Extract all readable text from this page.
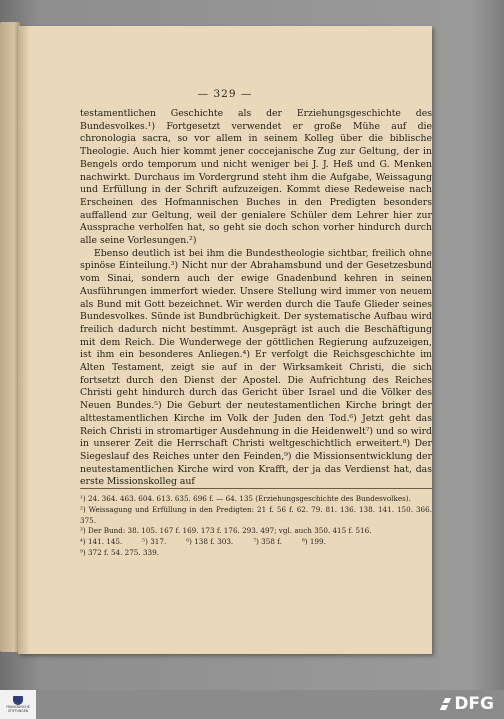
— 329 —

testamentlichen Geschichte als der Erziehungsgeschichte des Bundesvolkes.¹) Fortgesetzt verwendet er große Mühe auf die chronologia sacra, so vor allem in seinem Kolleg über die biblische Theologie. Auch hier kommt jener coccejanische Zug zur Geltung, der in Bengels ordo temporum und nicht weniger bei J. J. Heß und G. Menken nachwirkt. Durchaus im Vordergrund steht ihm die Aufgabe, Weissagung und Erfüllung in der Schrift aufzuzeigen. Kommt diese Redeweise nach Erscheinen des Hofmannischen Buches in den Predigten besonders auffallend zur Geltung, weil der genialere Schüler dem Lehrer hier zur Aussprache verholfen hat, so geht sie doch schon vorher hindurch durch alle seine Vorlesungen.²)

Ebenso deutlich ist bei ihm die Bundestheologie sichtbar, freilich ohne spinöse Einteilung.³) Nicht nur der Abrahamsbund und der Gesetzesbund vom Sinai, sondern auch der ewige Gnadenbund kehren in seinen Ausführungen immerfort wieder. Unsere Stellung wird immer von neuem als Bund mit Gott bezeichnet. Wir werden durch die Taufe Glieder seines Bundesvolkes. Sünde ist Bundbrüchigkeit. Der systematische Aufbau wird freilich dadurch nicht bestimmt. Ausgeprägt ist auch die Beschäftigung mit dem Reich. Die Wunderwege der göttlichen Regierung aufzuzeigen, ist ihm ein besonderes Anliegen.⁴) Er verfolgt die Reichsgeschichte im Alten Testament, zeigt sie auf in der Wirksamkeit Christi, die sich fortsetzt durch den Dienst der Apostel. Die Aufrichtung des Reiches Christi geht hindurch durch das Gericht über Israel und die Völker des Neuen Bundes.⁵) Die Geburt der neutestamentlichen Kirche bringt der alttestamentlichen Kirche im Volk der Juden den Tod.⁶) Jetzt geht das Reich Christi in stromartiger Ausdehnung in die Heidenwelt⁷) und so wird in unserer Zeit die Herrschaft Christi weltgeschichtlich erweitert.⁸) Der Siegeslauf des Reiches unter den Feinden,⁹) die Missionsentwicklung der neutestamentlichen Kirche wird von Krafft, der ja das Verdienst hat, das erste Missionskolleg auf

¹) 24. 364. 463. 604. 613. 635. 696 f. — 64. 135 (Erziehungsgeschichte des Bundesvolkes).

²) Weissagung und Erfüllung in den Predigten: 21 f. 56 f. 62. 79. 81. 136. 138. 141. 150. 366. 375.

³) Der Bund: 38. 105. 167 f. 169. 173 f. 176. 293. 497; vgl. auch 350. 415 f. 516.

⁴) 141. 145.	⁵) 317.	⁶) 138 f. 303.	⁷) 358 f.	⁸) 199.

⁹) 372 f. 54. 275. 339.

FRANCKESCHE STIFTUNGEN	DFG
